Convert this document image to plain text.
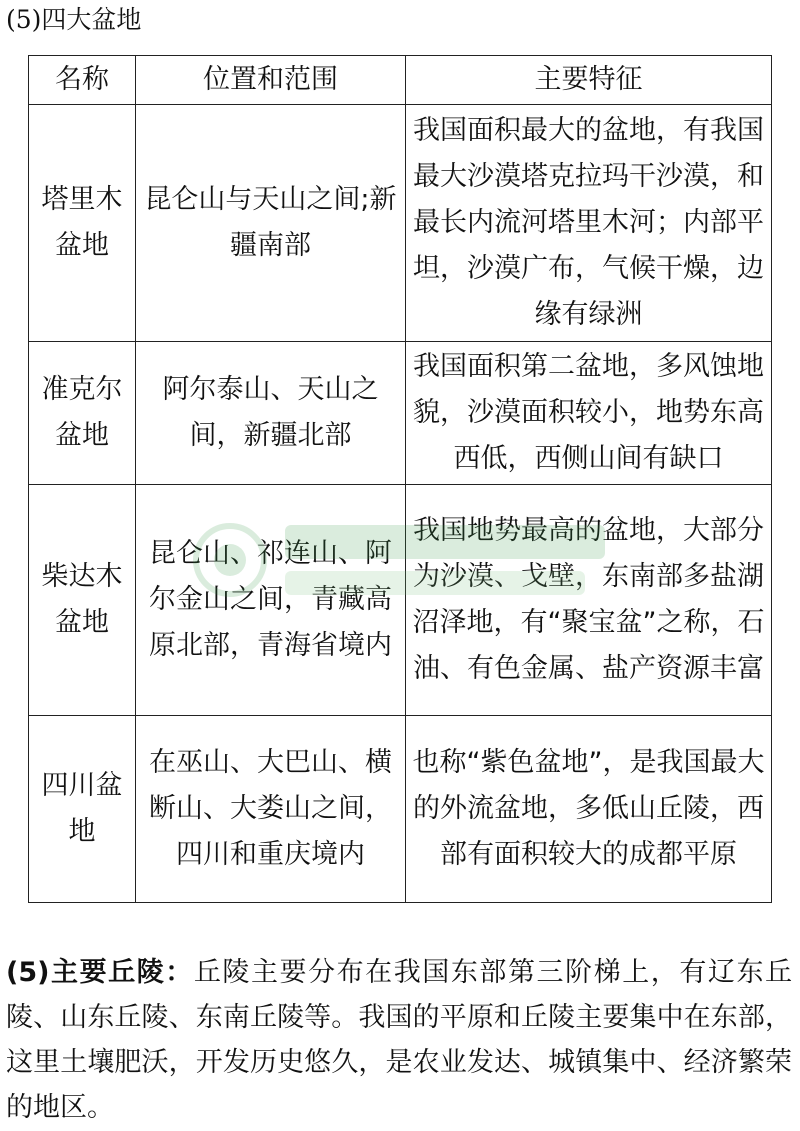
(5)四大盆地
名称	位置和范围	主要特征
塔里木盆地	昆仑山与天山之间;新疆南部	我国面积最大的盆地，有我国最大沙漠塔克拉玛干沙漠，和最长内流河塔里木河；内部平坦，沙漠广布，气候干燥，边缘有绿洲
准克尔盆地	阿尔泰山、天山之间，新疆北部	我国面积第二盆地，多风蚀地貌，沙漠面积较小，地势东高西低，西侧山间有缺口
柴达木盆地	昆仑山、祁连山、阿尔金山之间，青藏高原北部，青海省境内	我国地势最高的盆地，大部分为沙漠、戈壁，东南部多盐湖沼泽地，有“聚宝盆”之称，石油、有色金属、盐产资源丰富
四川盆地	在巫山、大巴山、横断山、大娄山之间，四川和重庆境内	也称“紫色盆地”，是我国最大的外流盆地，多低山丘陵，西部有面积较大的成都平原
(5)主要丘陵：丘陵主要分布在我国东部第三阶梯上，有辽东丘陵、山东丘陵、东南丘陵等。我国的平原和丘陵主要集中在东部，这里土壤肥沃，开发历史悠久，是农业发达、城镇集中、经济繁荣的地区。
